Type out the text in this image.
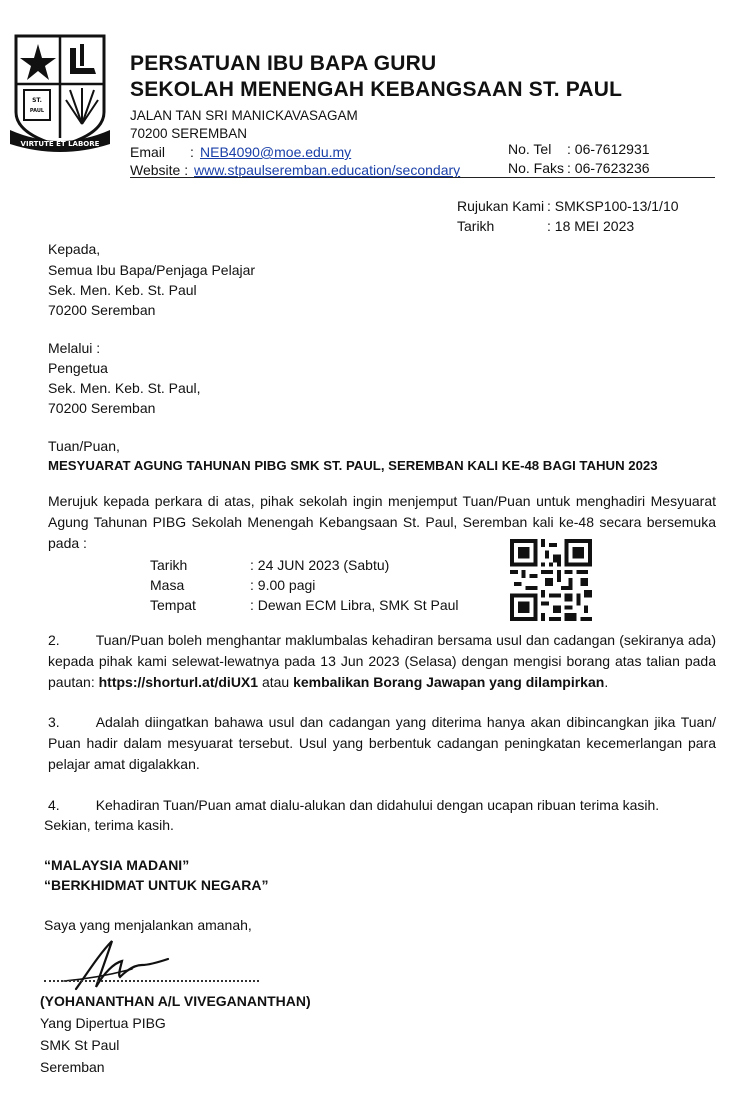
ST.
PAUL
VIRTUTE ET LABORE
PERSATUAN IBU BAPA GURU
SEKOLAH MENENGAH KEBANGSAAN ST. PAUL
JALAN TAN SRI MANICKAVASAGAM
70200 SEREMBAN
Email : NEB4090@moe.edu.my
Website : www.stpaulseremban.education/secondary
No. Tel : 06-7612931
No. Faks : 06-7623236
Rujukan Kami : SMKSP100-13/1/10
Tarikh	: 18 MEI 2023
Kepada,
Semua Ibu Bapa/Penjaga Pelajar
Sek. Men. Keb. St. Paul
70200 Seremban
Melalui :
Pengetua
Sek. Men. Keb. St. Paul,
70200 Seremban
Tuan/Puan,
MESYUARAT AGUNG TAHUNAN PIBG SMK ST. PAUL, SEREMBAN KALI KE-48 BAGI TAHUN 2023
Merujuk kepada perkara di atas, pihak sekolah ingin menjemput Tuan/Puan untuk menghadiri Mesyuarat Agung Tahunan PIBG Sekolah Menengah Kebangsaan St. Paul, Seremban kali ke-48 secara bersemuka pada :
Tarikh	: 24 JUN 2023 (Sabtu)
Masa	: 9.00 pagi
Tempat	: Dewan ECM Libra, SMK St Paul
2.	Tuan/Puan boleh menghantar maklumbalas kehadiran bersama usul dan cadangan (sekiranya ada) kepada pihak kami selewat-lewatnya pada 13 Jun 2023 (Selasa) dengan mengisi borang atas talian pada pautan: https://shorturl.at/diUX1 atau kembalikan Borang Jawapan yang dilampirkan.
3.	Adalah diingatkan bahawa usul dan cadangan yang diterima hanya akan dibincangkan jika Tuan/ Puan hadir dalam mesyuarat tersebut. Usul yang berbentuk cadangan peningkatan kecemerlangan para pelajar amat digalakkan.
4.	Kehadiran Tuan/Puan amat dialu-alukan dan didahului dengan ucapan ribuan terima kasih.
Sekian, terima kasih.
“MALAYSIA MADANI”
“BERKHIDMAT UNTUK NEGARA”
Saya yang menjalankan amanah,
(YOHANANTHAN A/L VIVEGANANTHAN)
Yang Dipertua PIBG
SMK St Paul
Seremban
